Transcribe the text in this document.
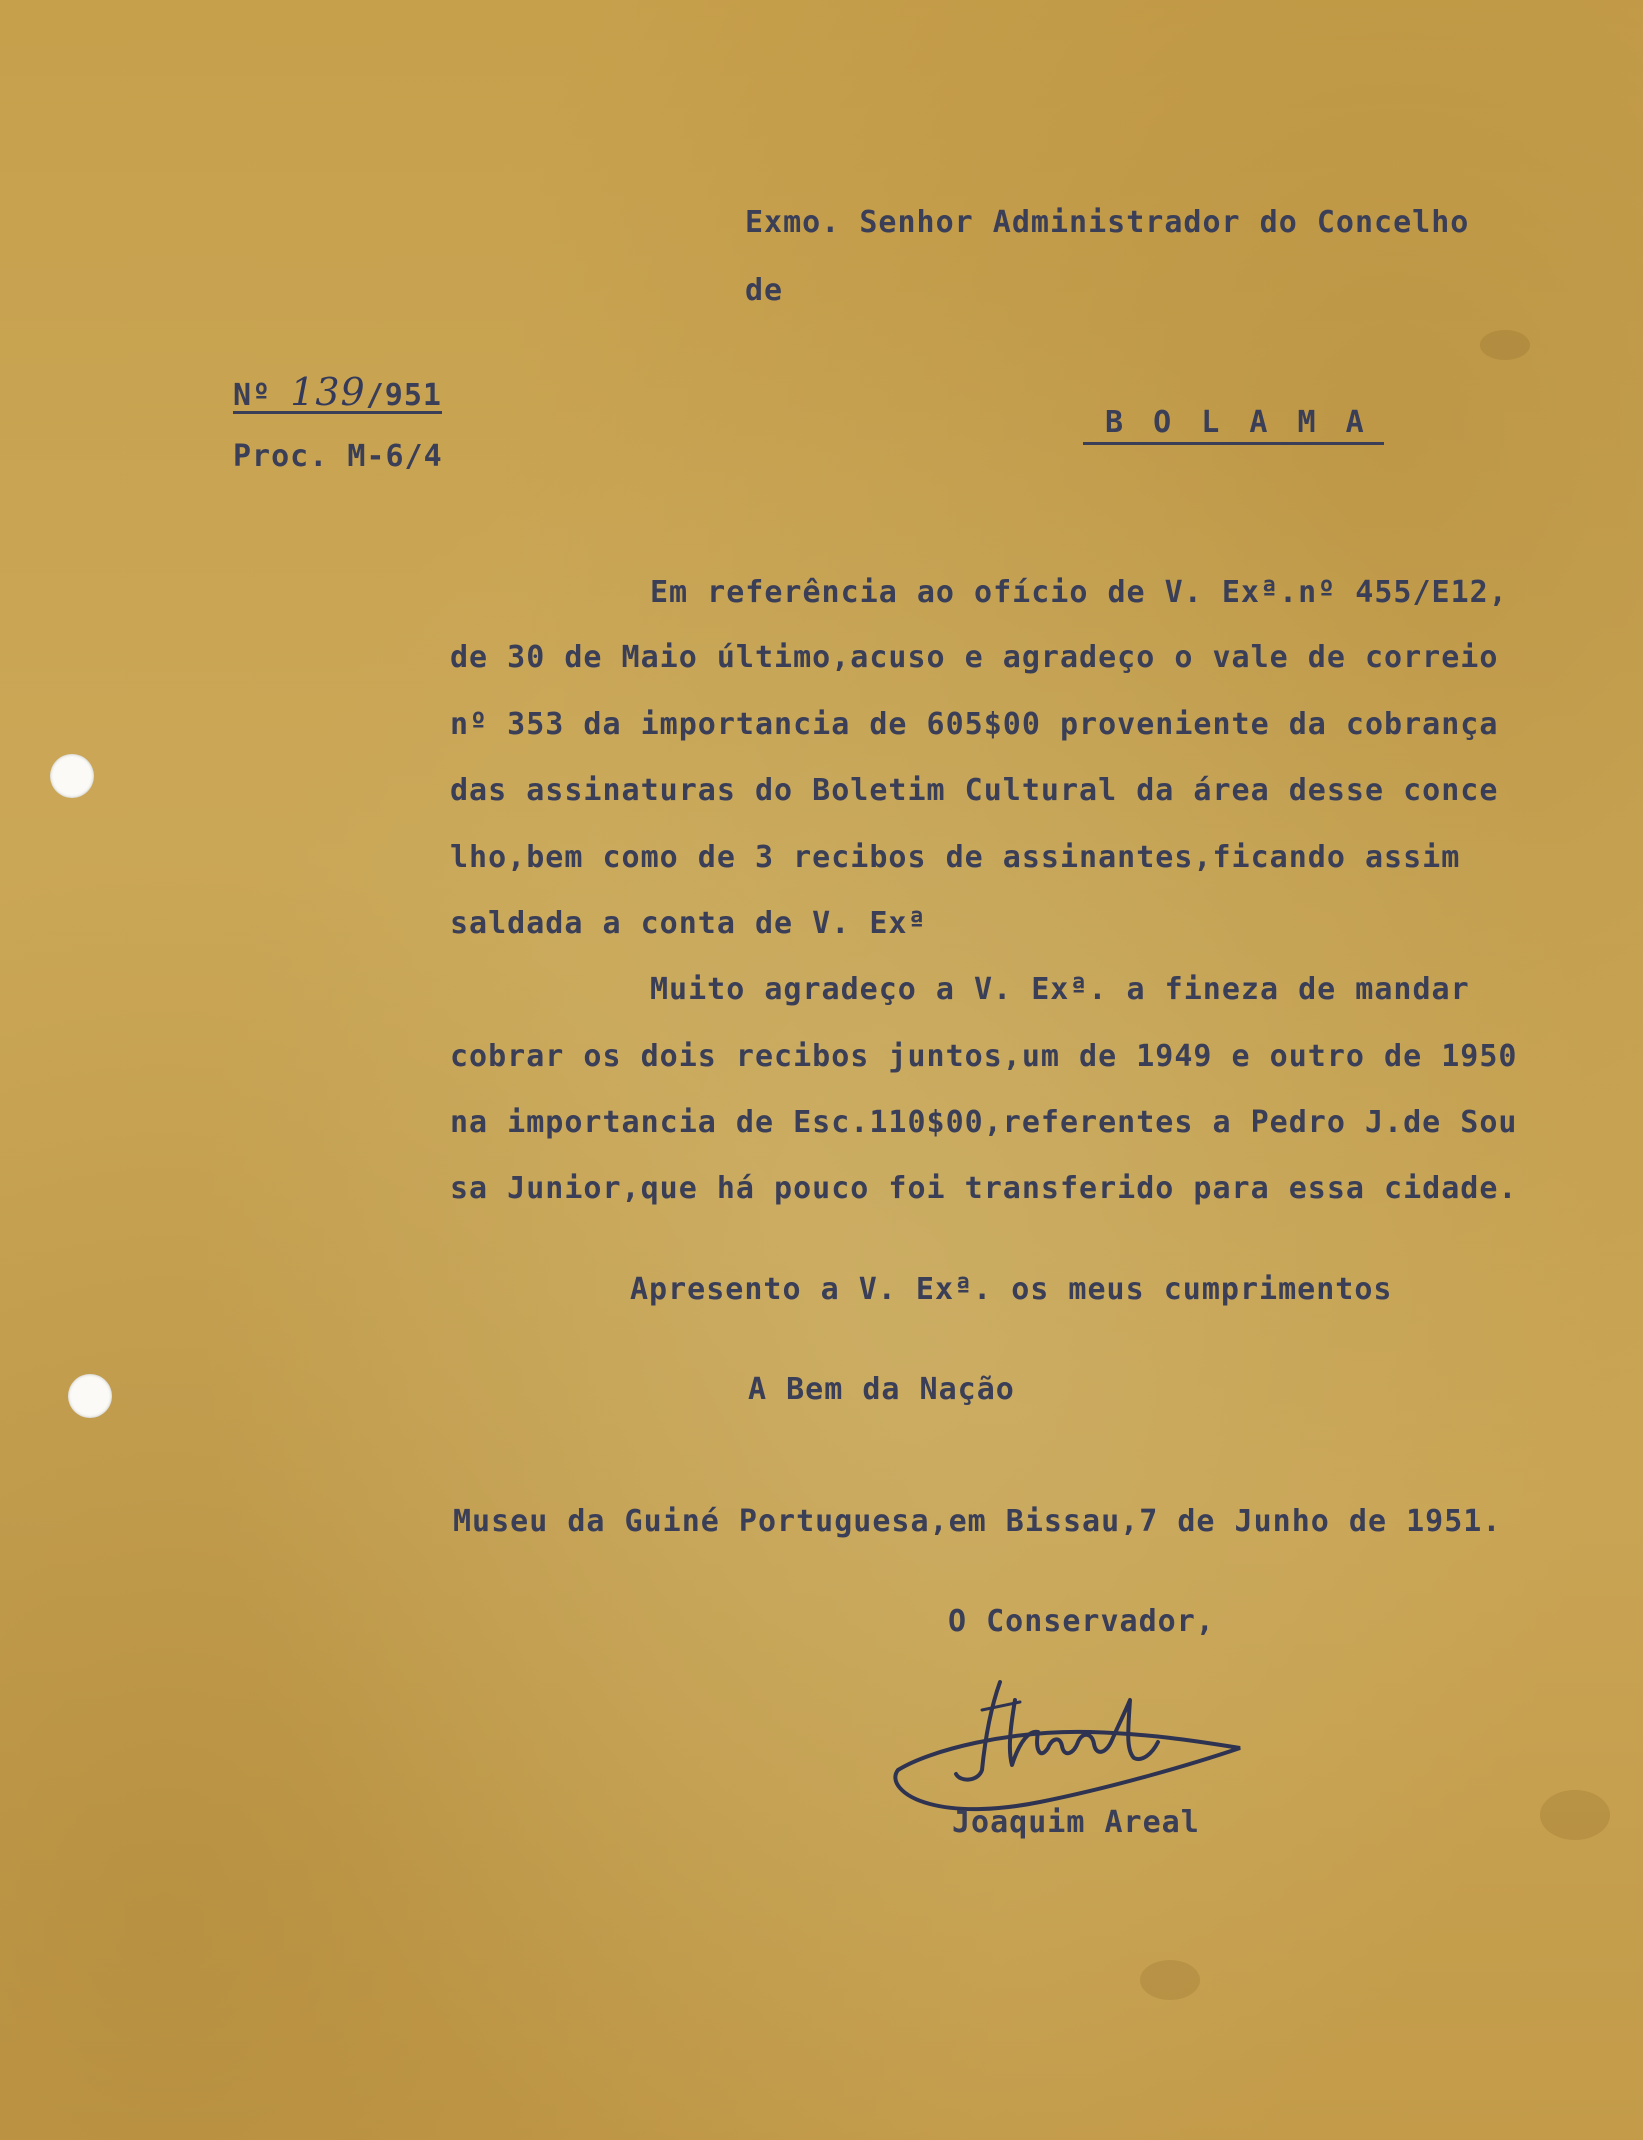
Exmo. Senhor Administrador do Concelho
de
B O L A M A
Nº 139/951
Proc. M-6/4
Em referência ao ofício de V. Exª.nº 455/E12,
de 30 de Maio último,acuso e agradeço o vale de correio
nº 353 da importancia de 605$00 proveniente da cobrança
das assinaturas do Boletim Cultural da área desse conce
lho,bem como de 3 recibos de assinantes,ficando assim
saldada a conta de V. Exª
Muito agradeço a V. Exª. a fineza de mandar
cobrar os dois recibos juntos,um de 1949 e outro de 1950
na importancia de Esc.110$00,referentes a Pedro J.de Sou
sa Junior,que há pouco foi transferido para essa cidade.
Apresento a V. Exª. os meus cumprimentos
A Bem da Nação
Museu da Guiné Portuguesa,em Bissau,7 de Junho de 1951.
O Conservador,
Joaquim Areal
